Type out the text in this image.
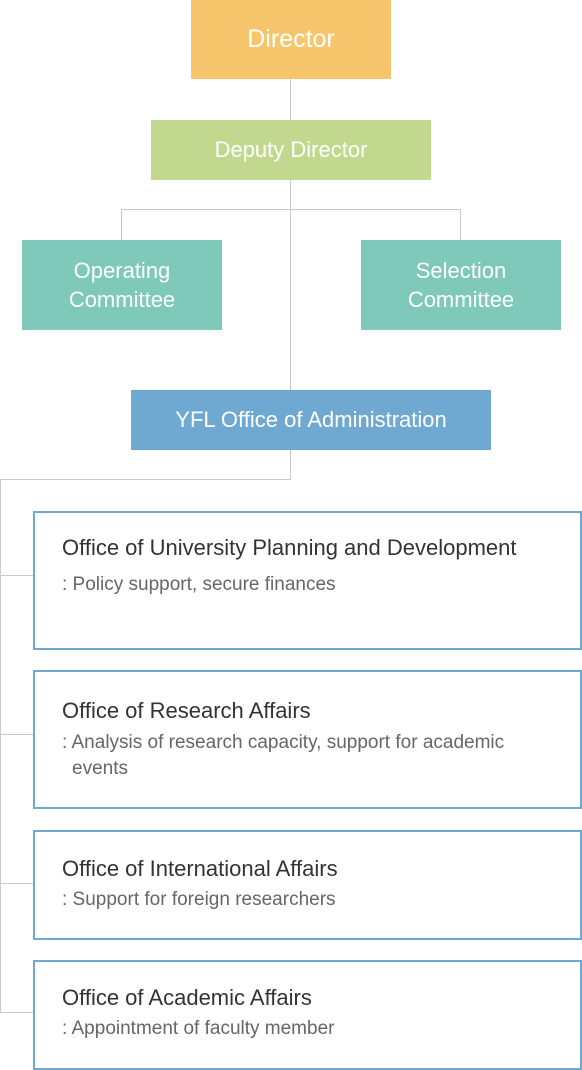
Director
Deputy Director
Operating
Committee
Selection
Committee
YFL Office of Administration
Office of University Planning and Development
: Policy support, secure finances
Office of Research Affairs
: Analysis of research capacity, support for academic events
Office of International Affairs
: Support for foreign researchers
Office of Academic Affairs
: Appointment of faculty member
